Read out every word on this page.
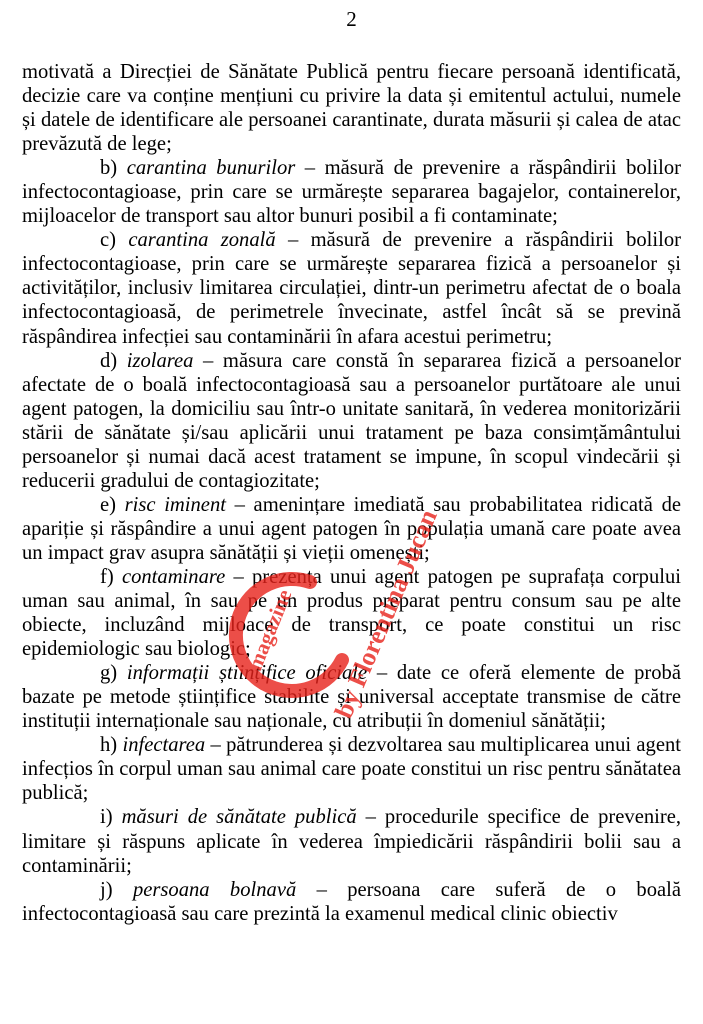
2

motivată a Direcției de Sănătate Publică pentru fiecare persoană identificată, decizie care va conține mențiuni cu privire la data și emitentul actului, numele și datele de identificare ale persoanei carantinate, durata măsurii și calea de atac prevăzută de lege;

b) carantina bunurilor – măsură de prevenire a răspândirii bolilor infectocontagioase, prin care se urmărește separarea bagajelor, containerelor, mijloacelor de transport sau altor bunuri posibil a fi contaminate;

c) carantina zonală – măsură de prevenire a răspândirii bolilor infectocontagioase, prin care se urmărește separarea fizică a persoanelor și activităților, inclusiv limitarea circulației, dintr-un perimetru afectat de o boala infectocontagioasă, de perimetrele învecinate, astfel încât să se prevină răspândirea infecției sau contaminării în afara acestui perimetru;

d) izolarea – măsura care constă în separarea fizică a persoanelor afectate de o boală infectocontagioasă sau a persoanelor purtătoare ale unui agent patogen, la domiciliu sau într-o unitate sanitară, în vederea monitorizării stării de sănătate și/sau aplicării unui tratament pe baza consimțământului persoanelor și numai dacă acest tratament se impune, în scopul vindecării și reducerii gradului de contagiozitate;

e) risc iminent – amenințare imediată sau probabilitatea ridicată de apariție și răspândire a unui agent patogen în populația umană care poate avea un impact grav asupra sănătății și vieții omenești;

f) contaminare – prezența unui agent patogen pe suprafața corpului uman sau animal, în sau pe un produs preparat pentru consum sau pe alte obiecte, incluzând mijloace de transport, ce poate constitui un risc epidemiologic sau biologic;

g) informații științifice oficiale – date ce oferă elemente de probă bazate pe metode științifice stabilite și universal acceptate transmise de către instituții internaționale sau naționale, cu atribuții în domeniul sănătății;

h) infectarea – pătrunderea și dezvoltarea sau multiplicarea unui agent infecțios în corpul uman sau animal care poate constitui un risc pentru sănătatea publică;

i) măsuri de sănătate publică – procedurile specifice de prevenire, limitare și răspuns aplicate în vederea împiedicării răspândirii bolii sau a contaminării;

j) persoana bolnavă – persoana care suferă de o boală infectocontagioasă sau care prezintă la examenul medical clinic obiectiv

magazine by Florentina Jucan
